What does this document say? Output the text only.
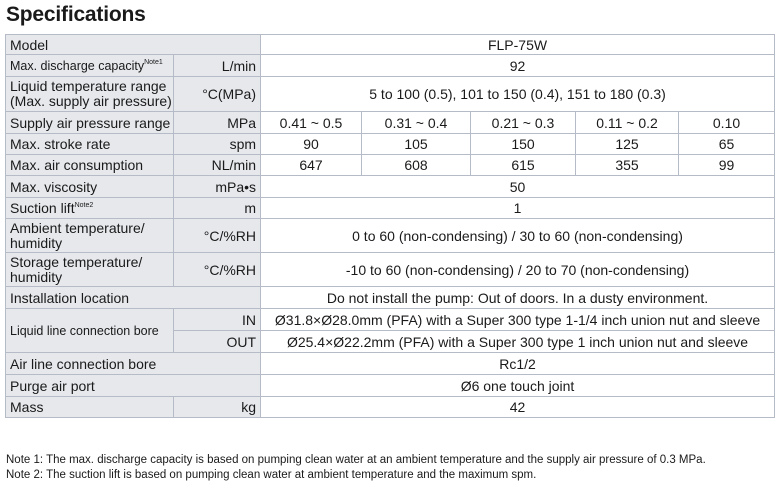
Specifications
Model		FLP-75W				
Max. discharge capacity$^{Note1}$	L/min	92				

Liquid temperature range
(Max. supply air pressure)	°C(MPa)	5 to 100 (0.5), 101 to 150 (0.4), 151 to 180 (0.3)				
Supply air pressure range	MPa	0.41 ~ 0.5	0.31 ~ 0.4	0.21 ~ 0.3	0.11 ~ 0.2	0.10
Max. stroke rate	spm	90	105	150	125	65
Max. air consumption	NL/min	647	608	615	355	99
Max. viscosity	mPa•s	50				
Suction lift$^{Note2}$	m	1				

Ambient temperature/
humidity	°C/%RH	0 to 60 (non-condensing) / 30 to 60 (non-condensing)				

Storage temperature/
humidity	°C/%RH	-10 to 60 (non-condensing) / 20 to 70 (non-condensing)				
Installation location		Do not install the pump: Out of doors. In a dusty environment.				
Liquid line connection bore	IN	Ø31.8×Ø28.0mm (PFA) with a Super 300 type 1-1/4 inch union nut and sleeve				
	OUT	Ø25.4×Ø22.2mm (PFA) with a Super 300 type 1 inch union nut and sleeve				
Air line connection bore		Rc1/2				
Purge air port		Ø6 one touch joint				
Mass	kg	42				
Note 1: The max. discharge capacity is based on pumping clean water at an ambient temperature and the supply air pressure of 0.3 MPa.
Note 2: The suction lift is based on pumping clean water at ambient temperature and the maximum spm.
